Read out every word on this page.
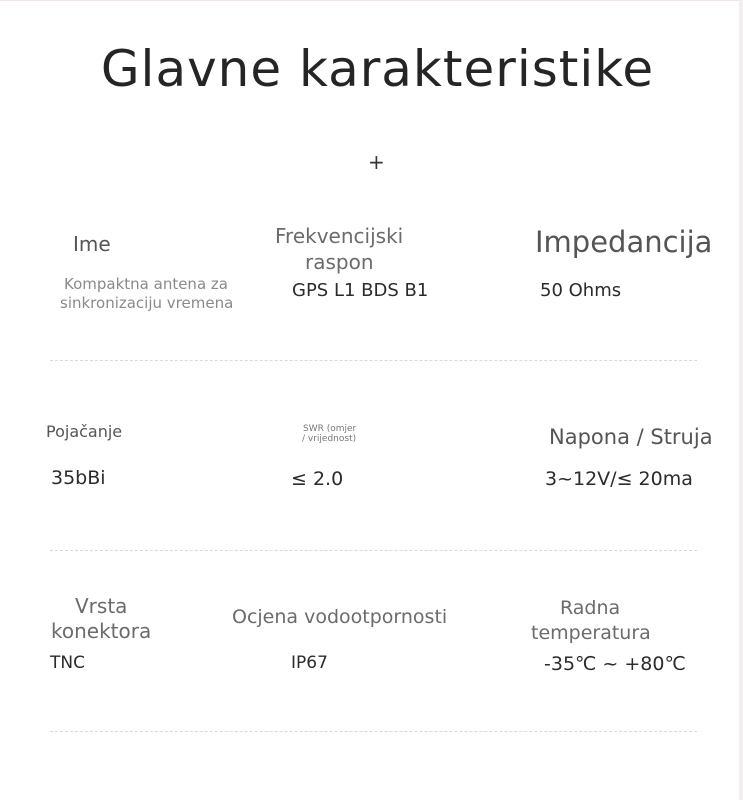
Glavne karakteristike
+
Ime
Kompaktna antena za
sinkronizaciju vremena
Frekvencijski
raspon
GPS L1 BDS B1
Impedancija
50 Ohms
Pojačanje
35bBi
SWR (omjer
/ vrijednost)
≤ 2.0
Napona / Struja
3~12V/≤ 20ma
Vrsta
konektora
TNC
Ocjena vodootpornosti
IP67
Radna
temperatura
-35℃ ~ +80℃
